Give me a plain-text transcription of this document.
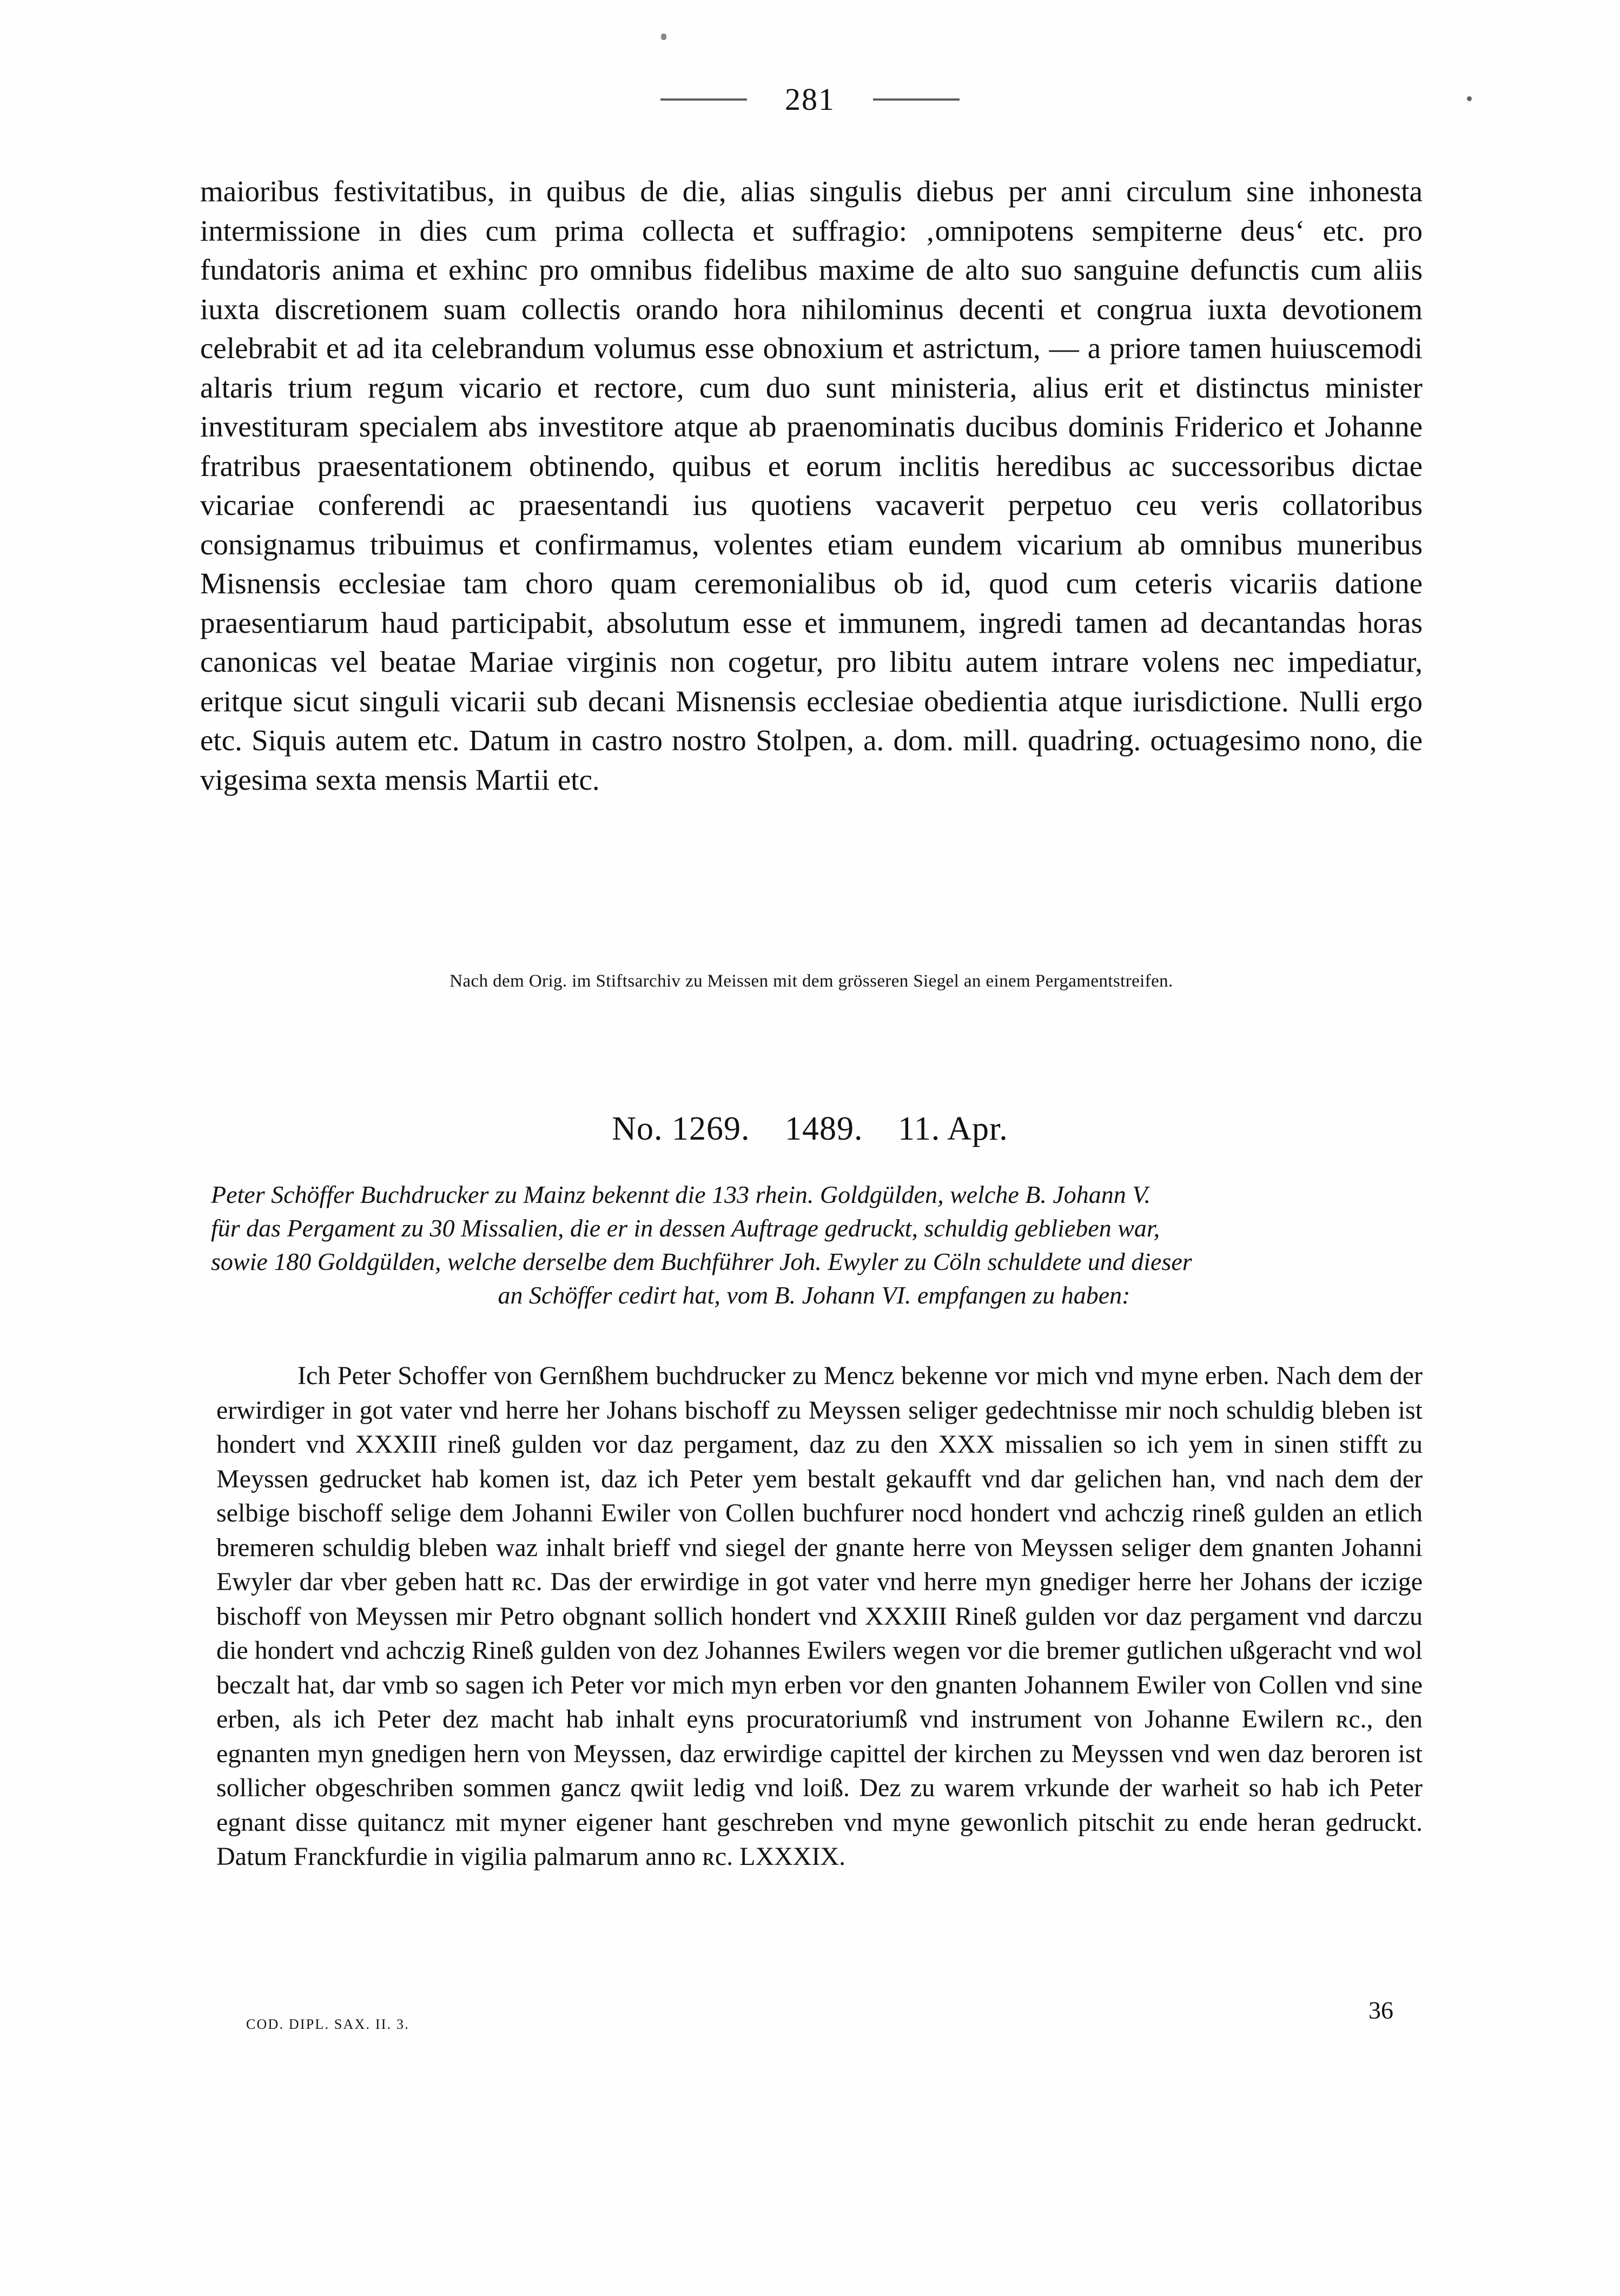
281

maioribus festivitatibus, in quibus de die, alias singulis diebus per anni circulum sine inhonesta intermissione in dies cum prima collecta et suffragio: ‚omnipotens sempiterne deus‘ etc. pro fundatoris anima et exhinc pro omnibus fidelibus maxime de alto suo sanguine defunctis cum aliis iuxta discretionem suam collectis orando hora nihilominus decenti et congrua iuxta devotionem celebrabit et ad ita celebrandum volumus esse obnoxium et astrictum, — a priore tamen huiuscemodi altaris trium regum vicario et rectore, cum duo sunt ministeria, alius erit et distinctus minister investituram specialem abs investitore atque ab praenominatis ducibus dominis Friderico et Johanne fratribus praesentationem obtinendo, quibus et eorum inclitis heredibus ac successoribus dictae vicariae conferendi ac praesentandi ius quotiens vacaverit perpetuo ceu veris collatoribus consignamus tribuimus et confirmamus, volentes etiam eundem vicarium ab omnibus muneribus Misnensis ecclesiae tam choro quam ceremonialibus ob id, quod cum ceteris vicariis datione praesentiarum haud participabit, absolutum esse et immunem, ingredi tamen ad decantandas horas canonicas vel beatae Mariae virginis non cogetur, pro libitu autem intrare volens nec impediatur, eritque sicut singuli vicarii sub decani Misnensis ecclesiae obedientia atque iurisdictione. Nulli ergo etc. Siquis autem etc. Datum in castro nostro Stolpen, a. dom. mill. quadring. octuagesimo nono, die vigesima sexta mensis Martii etc.

Nach dem Orig. im Stiftsarchiv zu Meissen mit dem grösseren Siegel an einem Pergamentstreifen.
No. 1269. 1489. 11. Apr.

Peter Schöffer Buchdrucker zu Mainz bekennt die 133 rhein. Goldgülden, welche B. Johann V.

für das Pergament zu 30 Missalien, die er in dessen Auftrage gedruckt, schuldig geblieben war,

sowie 180 Goldgülden, welche derselbe dem Buchführer Joh. Ewyler zu Cöln schuldete und dieser

an Schöffer cedirt hat, vom B. Johann VI. empfangen zu haben:

Ich Peter Schoffer von Gernßhem buchdrucker zu Mencz bekenne vor mich vnd myne erben. Nach dem der erwirdiger in got vater vnd herre her Johans bischoff zu Meyssen seliger gedechtnisse mir noch schuldig bleben ist hondert vnd XXXIII rineß gulden vor daz pergament, daz zu den XXX missalien so ich yem in sinen stifft zu Meyssen gedrucket hab komen ist, daz ich Peter yem bestalt gekaufft vnd dar gelichen han, vnd nach dem der selbige bischoff selige dem Johanni Ewiler von Collen buchfurer nocd hondert vnd achczig rineß gulden an etlich bremeren schuldig bleben waz inhalt brieff vnd siegel der gnante herre von Meyssen seliger dem gnanten Johanni Ewyler dar vber geben hatt ʀc. Das der erwirdige in got vater vnd herre myn gnediger herre her Johans der iczige bischoff von Meyssen mir Petro obgnant sollich hondert vnd XXXIII Rineß gulden vor daz pergament vnd darczu die hondert vnd achczig Rineß gulden von dez Johannes Ewilers wegen vor die bremer gutlichen ußgeracht vnd wol beczalt hat, dar vmb so sagen ich Peter vor mich myn erben vor den gnanten Johannem Ewiler von Collen vnd sine erben, als ich Peter dez macht hab inhalt eyns procuratoriumß vnd instrument von Johanne Ewilern ʀc., den egnanten myn gnedigen hern von Meyssen, daz erwirdige capittel der kirchen zu Meyssen vnd wen daz beroren ist sollicher obgeschriben sommen gancz qwiit ledig vnd loiß. Dez zu warem vrkunde der warheit so hab ich Peter egnant disse quitancz mit myner eigener hant geschreben vnd myne gewonlich pitschit zu ende heran gedruckt. Datum Franckfurdie in vigilia palmarum anno ʀc. LXXXIX.

COD. DIPL. SAX. II. 3.
36
